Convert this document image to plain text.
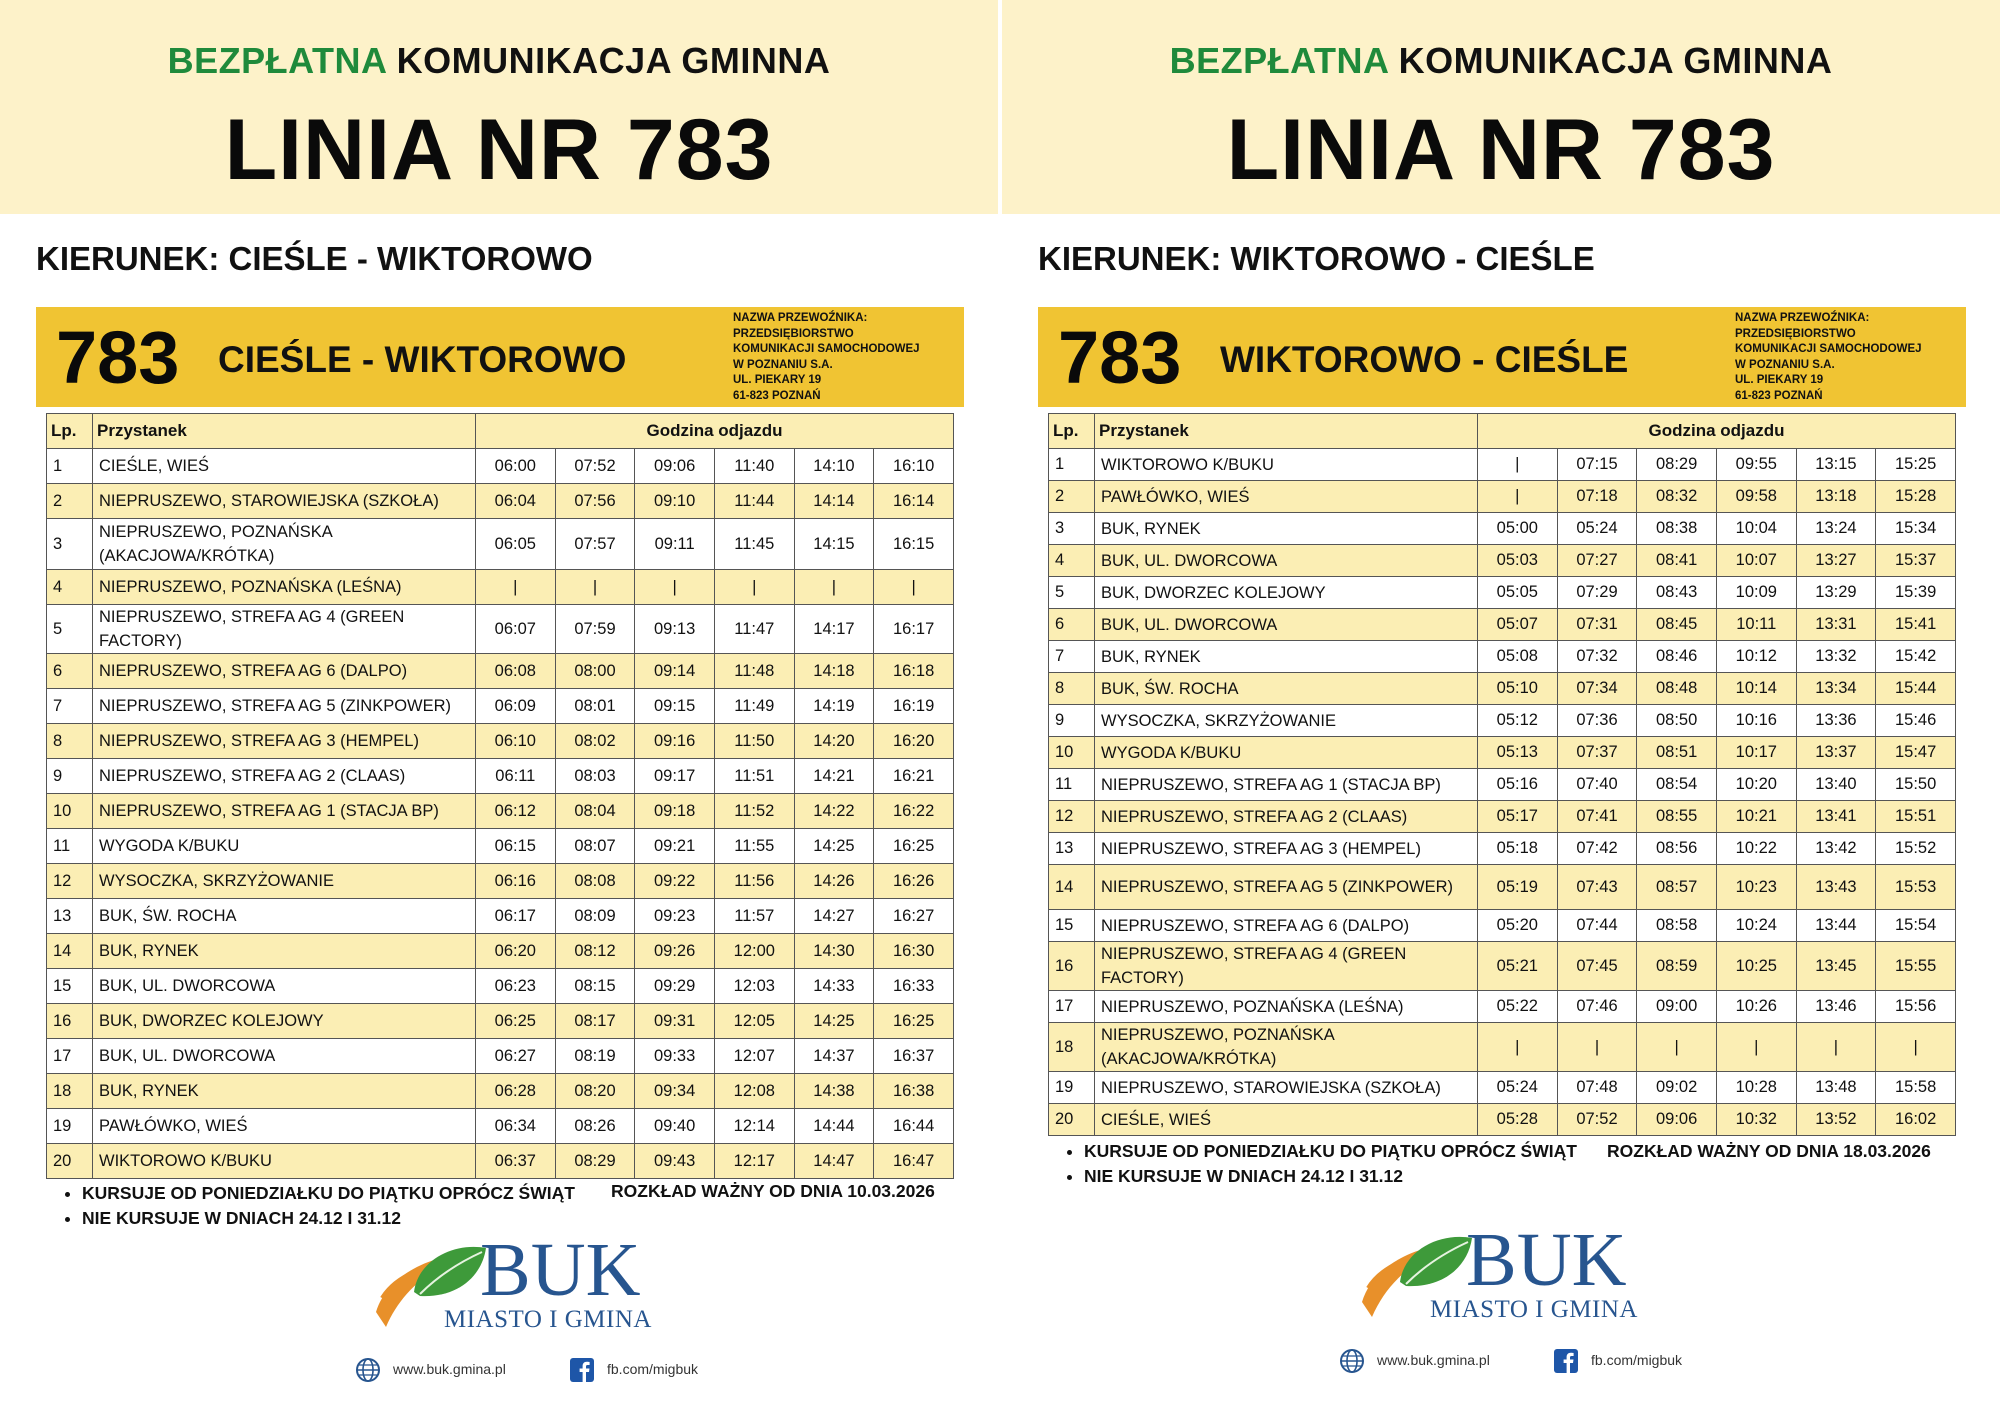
BEZPŁATNA KOMUNIKACJA GMINNA
LINIA NR 783
KIERUNEK: CIEŚLE - WIKTOROWO
783 CIEŚLE - WIKTOROWO
NAZWA PRZEWOŹNIKA:
PRZEDSIĘBIORSTWO
KOMUNIKACJI SAMOCHODOWEJ
W POZNANIU S.A.
UL. PIEKARY 19
61-823 POZNAŃ
Lp.	Przystanek	Godzina odjazdu					
1	CIEŚLE, WIEŚ	06:00	07:52	09:06	11:40	14:10	16:10
2	NIEPRUSZEWO, STAROWIEJSKA (SZKOŁA)	06:04	07:56	09:10	11:44	14:14	16:14
3	NIEPRUSZEWO, POZNAŃSKA (AKACJOWA/KRÓTKA)	06:05	07:57	09:11	11:45	14:15	16:15
4	NIEPRUSZEWO, POZNAŃSKA (LEŚNA)	|	|	|	|	|	|
5	NIEPRUSZEWO, STREFA AG 4 (GREEN FACTORY)	06:07	07:59	09:13	11:47	14:17	16:17
6	NIEPRUSZEWO, STREFA AG 6 (DALPO)	06:08	08:00	09:14	11:48	14:18	16:18
7	NIEPRUSZEWO, STREFA AG 5 (ZINKPOWER)	06:09	08:01	09:15	11:49	14:19	16:19
8	NIEPRUSZEWO, STREFA AG 3 (HEMPEL)	06:10	08:02	09:16	11:50	14:20	16:20
9	NIEPRUSZEWO, STREFA AG 2 (CLAAS)	06:11	08:03	09:17	11:51	14:21	16:21
10	NIEPRUSZEWO, STREFA AG 1 (STACJA BP)	06:12	08:04	09:18	11:52	14:22	16:22
11	WYGODA K/BUKU	06:15	08:07	09:21	11:55	14:25	16:25
12	WYSOCZKA, SKRZYŻOWANIE	06:16	08:08	09:22	11:56	14:26	16:26
13	BUK, ŚW. ROCHA	06:17	08:09	09:23	11:57	14:27	16:27
14	BUK, RYNEK	06:20	08:12	09:26	12:00	14:30	16:30
15	BUK, UL. DWORCOWA	06:23	08:15	09:29	12:03	14:33	16:33
16	BUK, DWORZEC KOLEJOWY	06:25	08:17	09:31	12:05	14:25	16:25
17	BUK, UL. DWORCOWA	06:27	08:19	09:33	12:07	14:37	16:37
18	BUK, RYNEK	06:28	08:20	09:34	12:08	14:38	16:38
19	PAWŁÓWKO, WIEŚ	06:34	08:26	09:40	12:14	14:44	16:44
20	WIKTOROWO K/BUKU	06:37	08:29	09:43	12:17	14:47	16:47
• KURSUJE OD PONIEDZIAŁKU DO PIĄTKU OPRÓCZ ŚWIĄT
• NIE KURSUJE W DNIACH 24.12 I 31.12
ROZKŁAD WAŻNY OD DNIA 10.03.2026
BUK
MIASTO I GMINA
www.buk.gmina.pl	fb.com/migbuk
BEZPŁATNA KOMUNIKACJA GMINNA
LINIA NR 783
KIERUNEK: WIKTOROWO - CIEŚLE
783 WIKTOROWO - CIEŚLE
NAZWA PRZEWOŹNIKA:
PRZEDSIĘBIORSTWO
KOMUNIKACJI SAMOCHODOWEJ
W POZNANIU S.A.
UL. PIEKARY 19
61-823 POZNAŃ
Lp.	Przystanek	Godzina odjazdu					
1	WIKTOROWO K/BUKU	|	07:15	08:29	09:55	13:15	15:25
2	PAWŁÓWKO, WIEŚ	|	07:18	08:32	09:58	13:18	15:28
3	BUK, RYNEK	05:00	05:24	08:38	10:04	13:24	15:34
4	BUK, UL. DWORCOWA	05:03	07:27	08:41	10:07	13:27	15:37
5	BUK, DWORZEC KOLEJOWY	05:05	07:29	08:43	10:09	13:29	15:39
6	BUK, UL. DWORCOWA	05:07	07:31	08:45	10:11	13:31	15:41
7	BUK, RYNEK	05:08	07:32	08:46	10:12	13:32	15:42
8	BUK, ŚW. ROCHA	05:10	07:34	08:48	10:14	13:34	15:44
9	WYSOCZKA, SKRZYŻOWANIE	05:12	07:36	08:50	10:16	13:36	15:46
10	WYGODA K/BUKU	05:13	07:37	08:51	10:17	13:37	15:47
11	NIEPRUSZEWO, STREFA AG 1 (STACJA BP)	05:16	07:40	08:54	10:20	13:40	15:50
12	NIEPRUSZEWO, STREFA AG 2 (CLAAS)	05:17	07:41	08:55	10:21	13:41	15:51
13	NIEPRUSZEWO, STREFA AG 3 (HEMPEL)	05:18	07:42	08:56	10:22	13:42	15:52
14	NIEPRUSZEWO, STREFA AG 5 (ZINKPOWER)	05:19	07:43	08:57	10:23	13:43	15:53
15	NIEPRUSZEWO, STREFA AG 6 (DALPO)	05:20	07:44	08:58	10:24	13:44	15:54
16	NIEPRUSZEWO, STREFA AG 4 (GREEN FACTORY)	05:21	07:45	08:59	10:25	13:45	15:55
17	NIEPRUSZEWO, POZNAŃSKA (LEŚNA)	05:22	07:46	09:00	10:26	13:46	15:56
18	NIEPRUSZEWO, POZNAŃSKA (AKACJOWA/KRÓTKA)	|	|	|	|	|	|
19	NIEPRUSZEWO, STAROWIEJSKA (SZKOŁA)	05:24	07:48	09:02	10:28	13:48	15:58
20	CIEŚLE, WIEŚ	05:28	07:52	09:06	10:32	13:52	16:02
• KURSUJE OD PONIEDZIAŁKU DO PIĄTKU OPRÓCZ ŚWIĄT
• NIE KURSUJE W DNIACH 24.12 I 31.12
ROZKŁAD WAŻNY OD DNIA 18.03.2026
BUK
MIASTO I GMINA
www.buk.gmina.pl	fb.com/migbuk
